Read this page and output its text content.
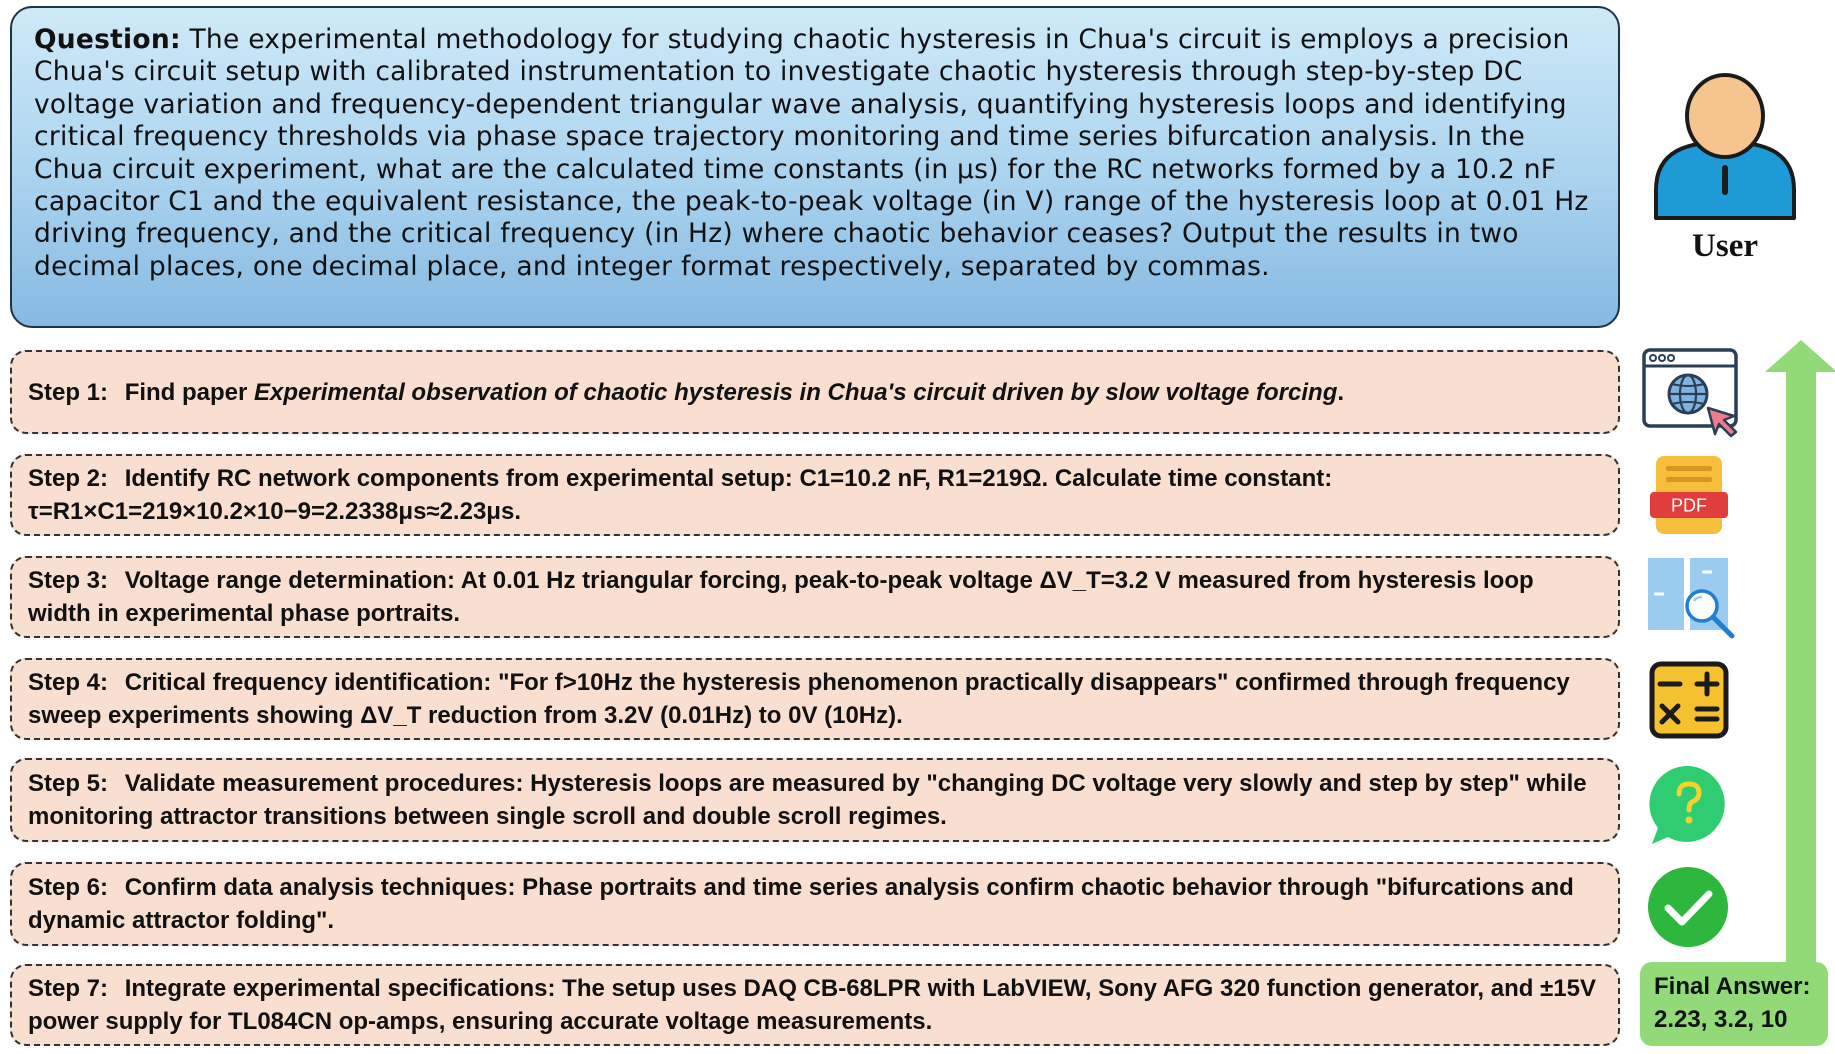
Question: The experimental methodology for studying chaotic hysteresis in Chua's circuit is employs a precision Chua's circuit setup with calibrated instrumentation to investigate chaotic hysteresis through step-by-step DC voltage variation and frequency-dependent triangular wave analysis, quantifying hysteresis loops and identifying critical frequency thresholds via phase space trajectory monitoring and time series bifurcation analysis. In the Chua circuit experiment, what are the calculated time constants (in μs) for the RC networks formed by a 10.2 nF capacitor C1 and the equivalent resistance, the peak-to-peak voltage (in V) range of the hysteresis loop at 0.01 Hz driving frequency, and the critical frequency (in Hz) where chaotic behavior ceases? Output the results in two decimal places, one decimal place, and integer format respectively, separated by commas.
User
Step 1: Find paper Experimental observation of chaotic hysteresis in Chua's circuit driven by slow voltage forcing.
Step 2: Identify RC network components from experimental setup: C1=10.2 nF, R1=219Ω. Calculate time constant: τ=R1×C1=219×10.2×10−9=2.2338μs≈2.23μs.
Step 3: Voltage range determination: At 0.01 Hz triangular forcing, peak-to-peak voltage ΔV_T=3.2 V measured from hysteresis loop width in experimental phase portraits.
Step 4: Critical frequency identification: "For f>10Hz the hysteresis phenomenon practically disappears" confirmed through frequency sweep experiments showing ΔV_T reduction from 3.2V (0.01Hz) to 0V (10Hz).
Step 5: Validate measurement procedures: Hysteresis loops are measured by "changing DC voltage very slowly and step by step" while monitoring attractor transitions between single scroll and double scroll regimes.
Step 6: Confirm data analysis techniques: Phase portraits and time series analysis confirm chaotic behavior through "bifurcations and dynamic attractor folding".
Step 7: Integrate experimental specifications: The setup uses DAQ CB-68LPR with LabVIEW, Sony AFG 320 function generator, and ±15V power supply for TL084CN op-amps, ensuring accurate voltage measurements.
PDF
Final Answer:
2.23, 3.2, 10
